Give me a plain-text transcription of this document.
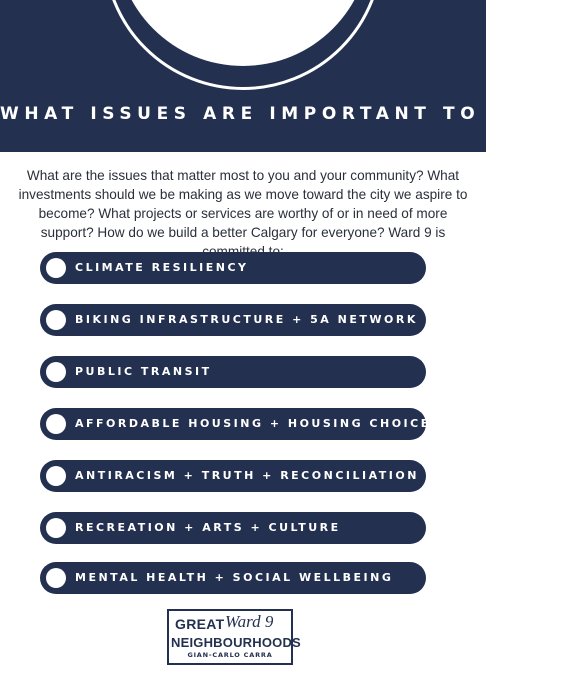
WHAT ISSUES ARE IMPORTANT TO YOU?

What are the issues that matter most to you and your community? What investments should we be making as we move toward the city we aspire to become? What projects or services are worthy of or in need of more support? How do we build a better Calgary for everyone? Ward 9 is

CLIMATE RESILIENCY
BIKING INFRASTRUCTURE + 5A NETWORK
PUBLIC TRANSIT
AFFORDABLE HOUSING + HOUSING CHOICE
ANTIRACISM + TRUTH + RECONCILIATION WORK
RECREATION + ARTS + CULTURE
MENTAL HEALTH + SOCIAL WELLBEING
GREAT Ward 9
NEIGHBOURHOODS
GIAN-CARLO CARRA
